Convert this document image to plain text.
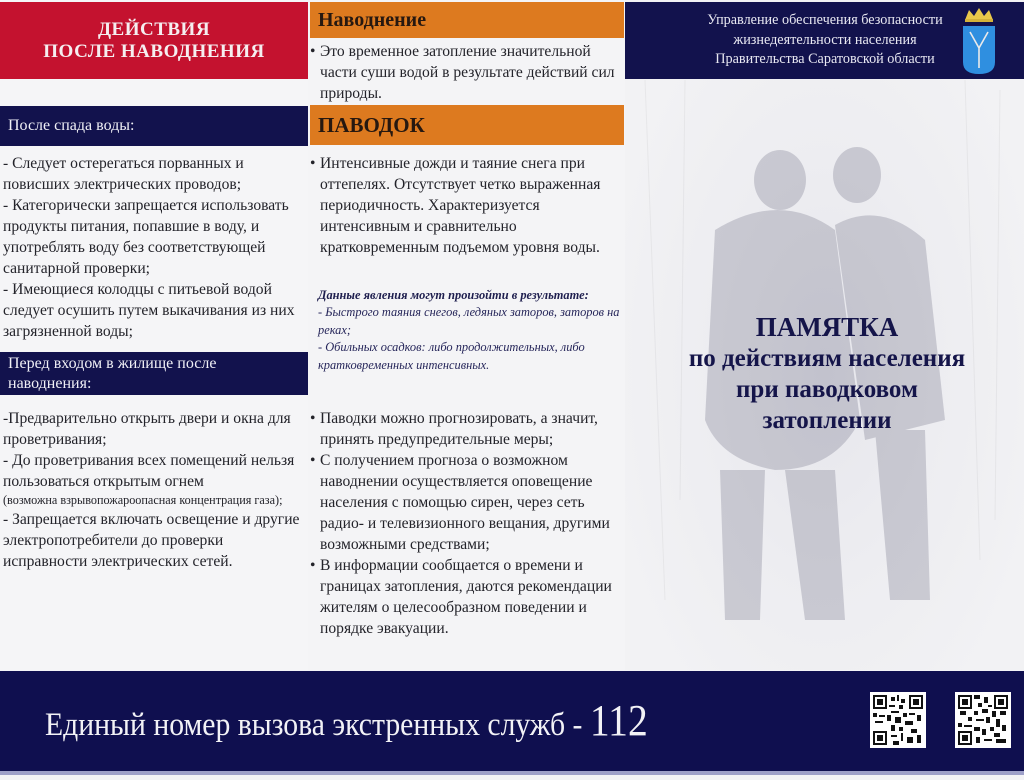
ДЕЙСТВИЯ
ПОСЛЕ НАВОДНЕНИЯ
После спада воды:
- Следует остерегаться порванных и повисших электрических проводов;
- Категорически запрещается использовать продукты питания, попавшие в воду, и употреблять воду без соответствующей санитарной проверки;
- Имеющиеся колодцы с питьевой водой следует осушить путем выкачивания из них загрязненной воды;
Перед входом в жилище после наводнения:
-Предварительно открыть двери и окна для проветривания;
- До проветривания всех помещений нельзя пользоваться открытым огнем
(возможна взрывопожароопасная концентрация газа);
- Запрещается включать освещение и другие электропотребители до проверки исправности электрических сетей.
Наводнение
• Это временное затопление значительной части суши водой в результате действий сил природы.
ПАВОДОК
• Интенсивные дожди и таяние снега при оттепелях. Отсутствует четко выраженная периодичность. Характеризуется интенсивным и сравнительно кратковременным подъемом уровня воды.
Данные явления могут произойти в результате:
- Быстрого таяния снегов, ледяных заторов, заторов на реках;
- Обильных осадков: либо продолжительных, либо кратковременных интенсивных.
• Паводки можно прогнозировать, а значит, принять предупредительные меры;
• С получением прогноза о возможном наводнении осуществляется оповещение населения с помощью сирен, через сеть радио- и телевизионного вещания, другими возможными средствами;
• В информации сообщается о времени и границах затопления, даются рекомендации жителям о целесообразном поведении и порядке эвакуации.
Управление обеспечения безопасности
жизнедеятельности населения
Правительства Саратовской области
ПАМЯТКА
по действиям населения
при паводковом
затоплении
Единый номер вызова экстренных служб - 112
